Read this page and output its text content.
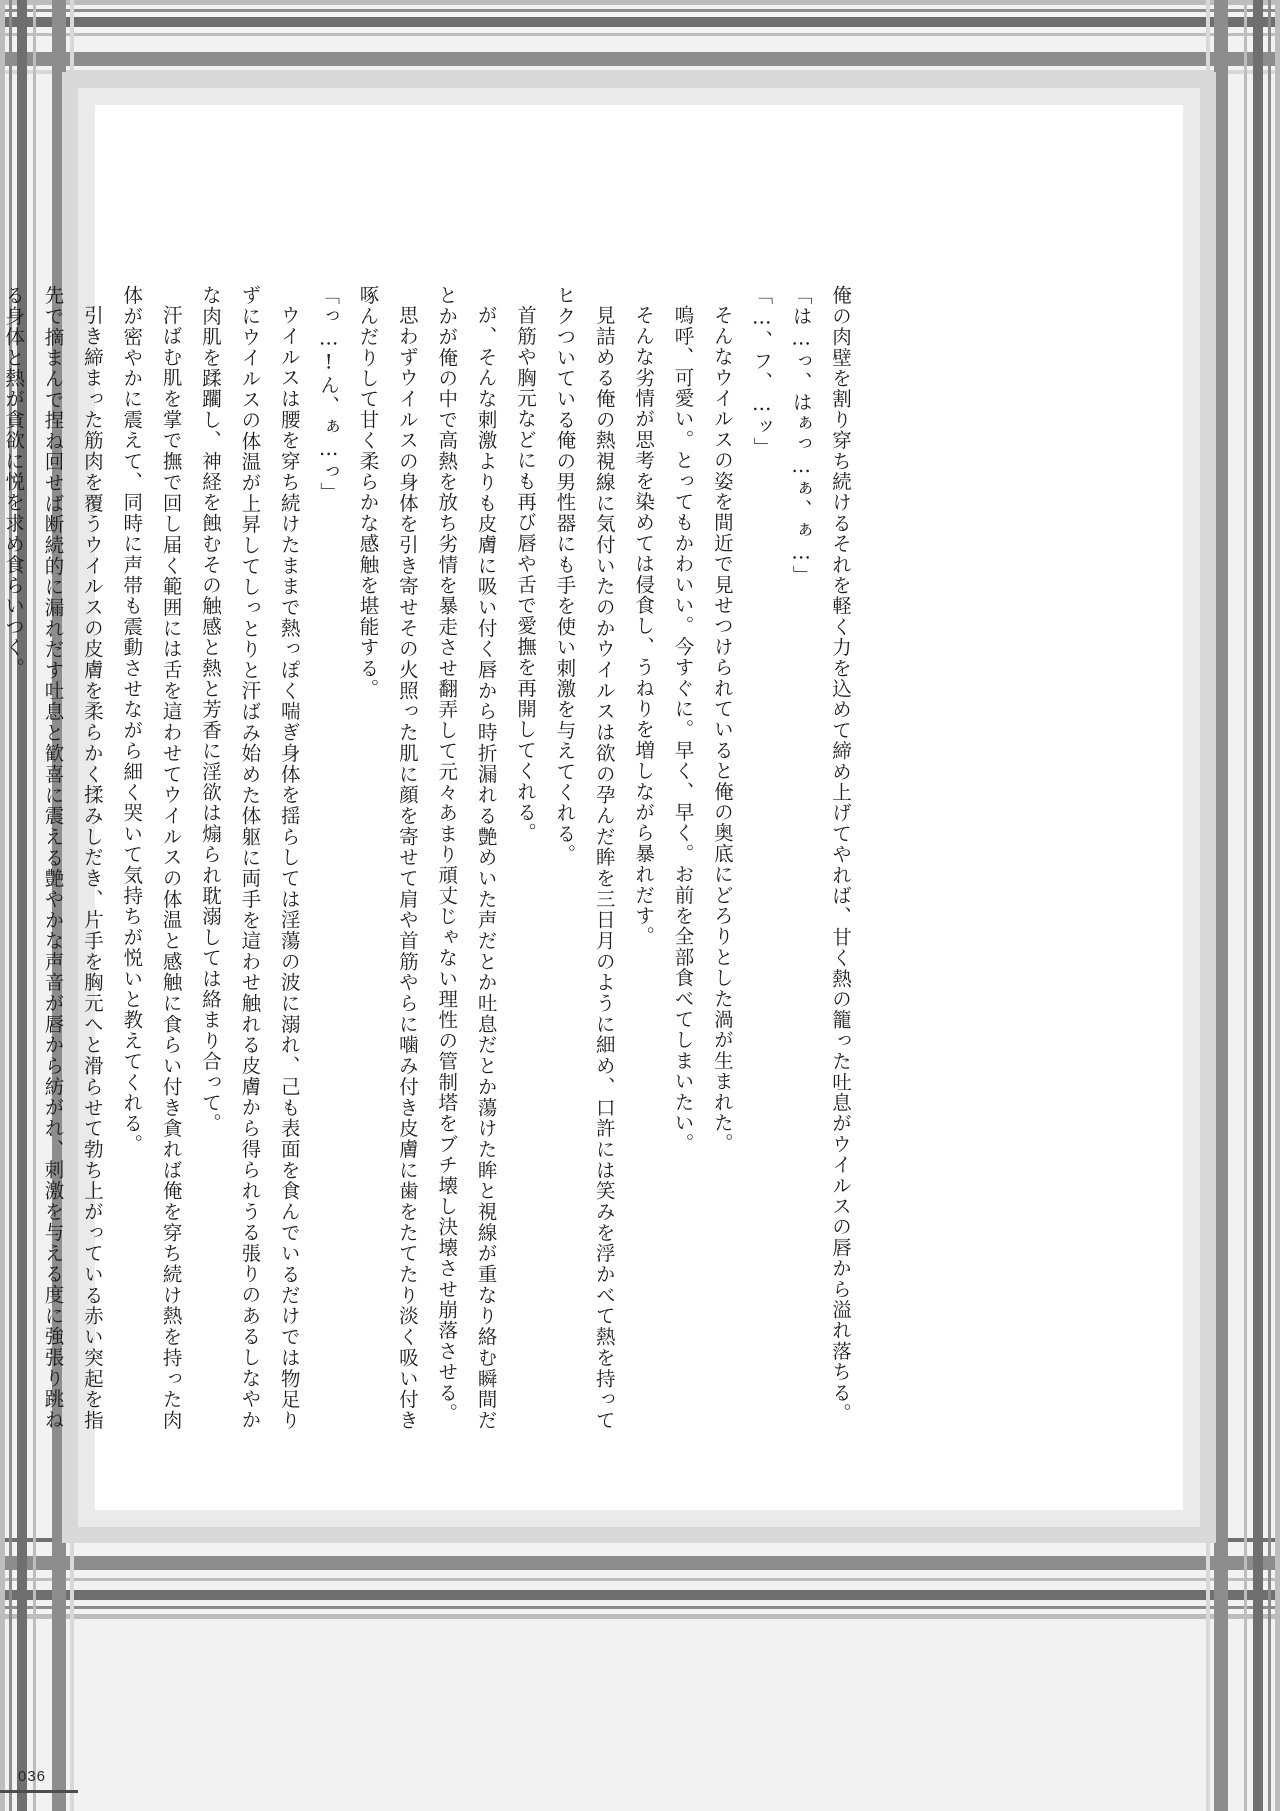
俺の肉壁を割り穿ち続けるそれを軽く力を込めて締め上げてやれば、甘く熱の籠った吐息がウイルスの唇から溢れ落ちる。

「は…っ、はぁっ…ぁ、ぁ…」

「…、フ、…ッ」

そんなウイルスの姿を間近で見せつけられていると俺の奥底にどろりとした渦が生まれた。

嗚呼、可愛い。とってもかわいい。今すぐに。早く、早く。お前を全部食べてしまいたい。

そんな劣情が思考を染めては侵食し、うねりを増しながら暴れだす。

見詰める俺の熱視線に気付いたのかウイルスは欲の孕んだ眸を三日月のように細め、口許には笑みを浮かべて熱を持ってヒクついている俺の男性器にも手を使い刺激を与えてくれる。

首筋や胸元などにも再び唇や舌で愛撫を再開してくれる。

が、そんな刺激よりも皮膚に吸い付く唇から時折漏れる艶めいた声だとか吐息だとか蕩けた眸と視線が重なり絡む瞬間だとかが俺の中で高熱を放ち劣情を暴走させ翻弄して元々あまり頑丈じゃない理性の管制塔をブチ壊し決壊させ崩落させる。

思わずウイルスの身体を引き寄せその火照った肌に顔を寄せて肩や首筋やらに噛み付き皮膚に歯をたてたり淡く吸い付き啄んだりして甘く柔らかな感触を堪能する。

「っ…!ん、ぁ…っ」

ウイルスは腰を穿ち続けたままで熱っぽく喘ぎ身体を揺らしては淫蕩の波に溺れ、己も表面を食んでいるだけでは物足りずにウイルスの体温が上昇してしっとりと汗ばみ始めた体躯に両手を這わせ触れる皮膚から得られうる張りのあるしなやかな肉肌を蹂躙し、神経を蝕むその触感と熱と芳香に淫欲は煽られ耽溺しては絡まり合って。

汗ばむ肌を掌で撫で回し届く範囲には舌を這わせてウイルスの体温と感触に食らい付き貪れば俺を穿ち続け熱を持った肉体が密やかに震えて、同時に声帯も震動させながら細く哭いて気持ちが悦いと教えてくれる。

引き締まった筋肉を覆うウイルスの皮膚を柔らかく揉みしだき、片手を胸元へと滑らせて勃ち上がっている赤い突起を指先で摘まんで捏ね回せば断続的に漏れだす吐息と歓喜に震える艶やかな声音が唇から紡がれ、刺激を与える度に強張り跳ねる身体と熱が貪欲に悦を求め食らいつく。

036
